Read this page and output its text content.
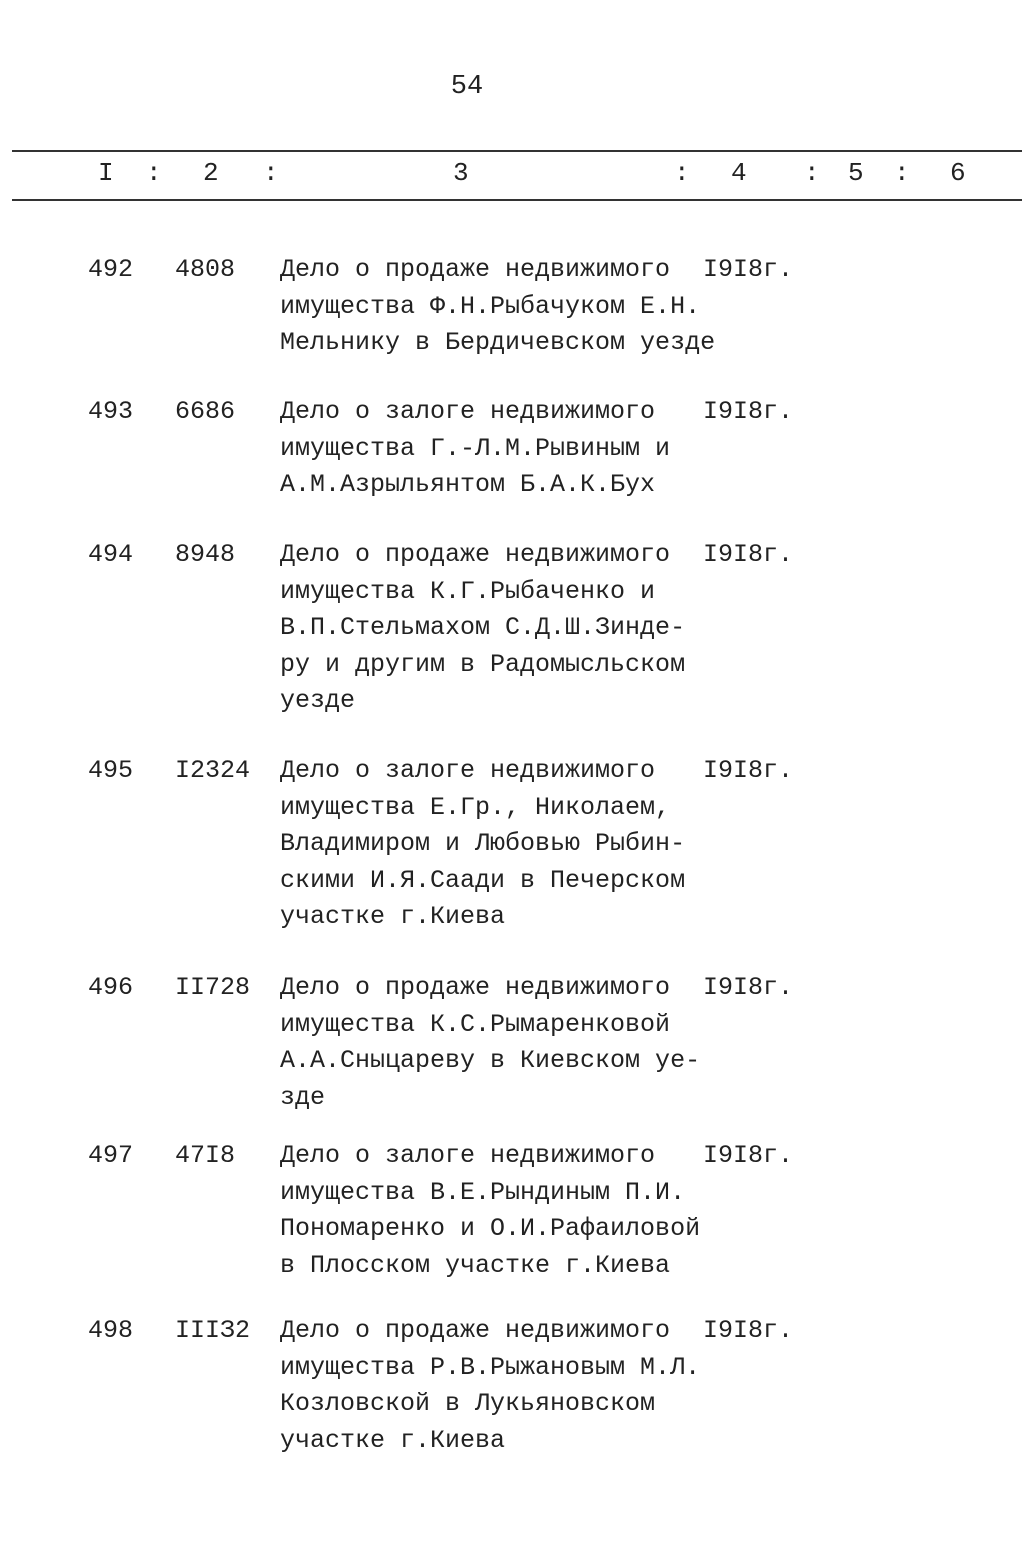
54
I : 2 :	3	: 4 : 5 : 6
492 4808 Дело о продаже недвижимого
имущества Ф.Н.Рыбачуком Е.Н.
Мельнику в Бердичевском уезде
I9I8г.
493 6686 Дело о залоге недвижимого
имущества Г.-Л.М.Рывиным и
А.М.Азрыльянтом Б.А.К.Бух
I9I8г.
494 8948 Дело о продаже недвижимого
имущества К.Г.Рыбаченко и
В.П.Стельмахом С.Д.Ш.Зинде-
ру и другим в Радомысльском
уезде
I9I8г.
495 I2324 Дело о залоге недвижимого
имущества Е.Гр., Николаем,
Владимиром и Любовью Рыбин-
скими И.Я.Саади в Печерском
участке г.Киева
I9I8г.
496 II728 Дело о продаже недвижимого
имущества К.С.Рымаренковой
А.А.Сныцареву в Киевском уе-
зде
I9I8г.
497 47I8 Дело о залоге недвижимого
имущества В.Е.Рындиным П.И.
Пономаренко и О.И.Рафаиловой
в Плосском участке г.Киева
I9I8г.
498 IIIЗ2 Дело о продаже недвижимого
имущества Р.В.Рыжановым М.Л.
Козловской в Лукьяновском
участке г.Киева
I9I8г.
